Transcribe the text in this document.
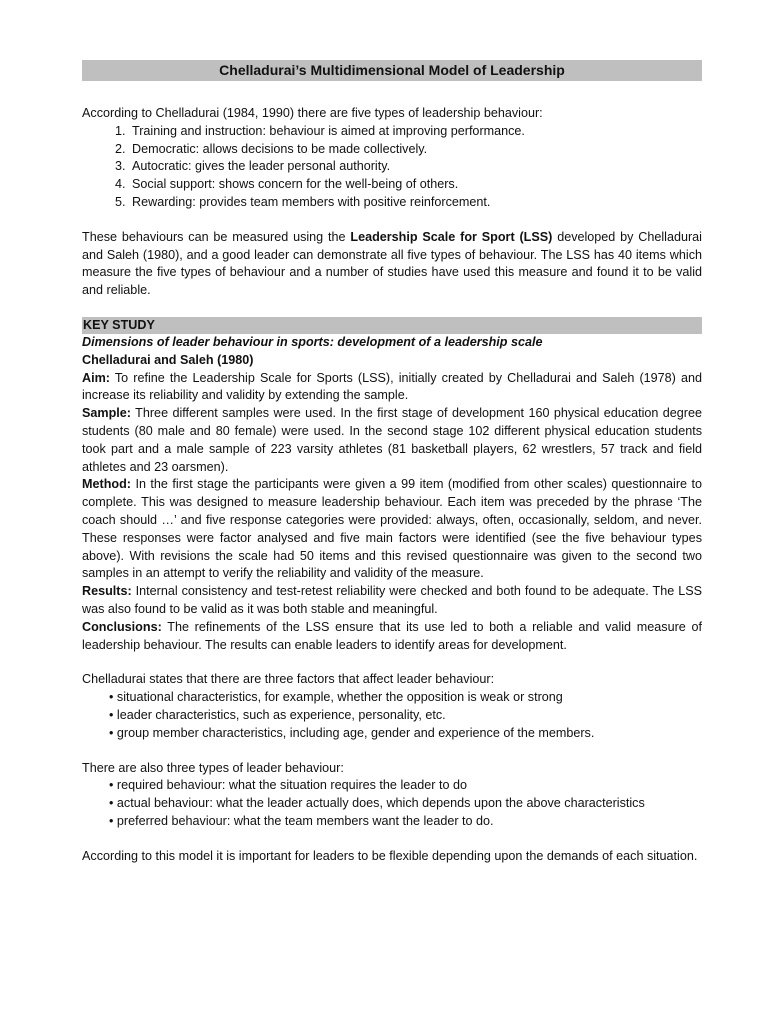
Chelladurai’s Multidimensional Model of Leadership

According to Chelladurai (1984, 1990) there are five types of leadership behaviour:

1. Training and instruction: behaviour is aimed at improving performance.
2. Democratic: allows decisions to be made collectively.
3. Autocratic: gives the leader personal authority.
4. Social support: shows concern for the well-being of others.
5. Rewarding: provides team members with positive reinforcement.

These behaviours can be measured using the Leadership Scale for Sport (LSS) developed by Chelladurai and Saleh (1980), and a good leader can demonstrate all five types of behaviour. The LSS has 40 items which measure the five types of behaviour and a number of studies have used this measure and found it to be valid and reliable.

KEY STUDY

Dimensions of leader behaviour in sports: development of a leadership scale

Chelladurai and Saleh (1980)

Aim: To refine the Leadership Scale for Sports (LSS), initially created by Chelladurai and Saleh (1978) and increase its reliability and validity by extending the sample.

Sample: Three different samples were used. In the first stage of development 160 physical education degree students (80 male and 80 female) were used. In the second stage 102 different physical education students took part and a male sample of 223 varsity athletes (81 basketball players, 62 wrestlers, 57 track and field athletes and 23 oarsmen).

Method: In the first stage the participants were given a 99 item (modified from other scales) questionnaire to complete. This was designed to measure leadership behaviour. Each item was preceded by the phrase ‘The coach should …’ and five response categories were provided: always, often, occasionally, seldom, and never. These responses were factor analysed and five main factors were identified (see the five behaviour types above). With revisions the scale had 50 items and this revised questionnaire was given to the second two samples in an attempt to verify the reliability and validity of the measure.

Results: Internal consistency and test-retest reliability were checked and both found to be adequate. The LSS was also found to be valid as it was both stable and meaningful.

Conclusions: The refinements of the LSS ensure that its use led to both a reliable and valid measure of leadership behaviour. The results can enable leaders to identify areas for development.

Chelladurai states that there are three factors that affect leader behaviour:

• situational characteristics, for example, whether the opposition is weak or strong
• leader characteristics, such as experience, personality, etc.
• group member characteristics, including age, gender and experience of the members.

There are also three types of leader behaviour:

• required behaviour: what the situation requires the leader to do
• actual behaviour: what the leader actually does, which depends upon the above characteristics
• preferred behaviour: what the team members want the leader to do.

According to this model it is important for leaders to be flexible depending upon the demands of each situation.
